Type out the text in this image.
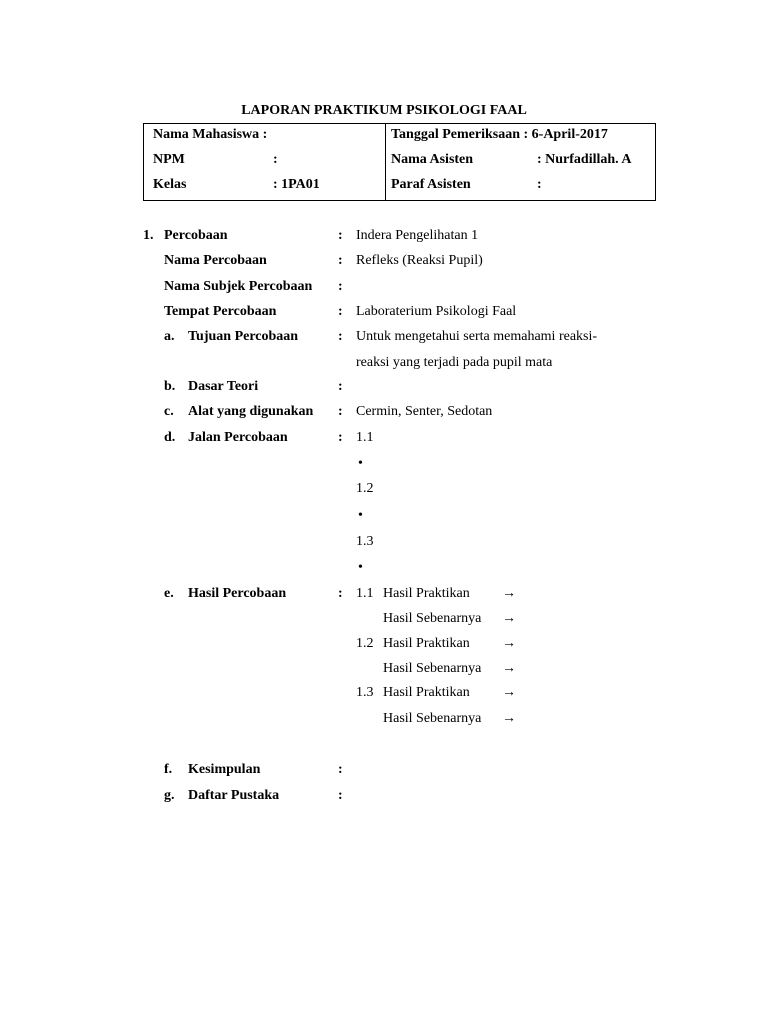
LAPORAN PRAKTIKUM PSIKOLOGI FAAL
Nama Mahasiswa :
NPM	:
Kelas	: 1PA01
Tanggal Pemeriksaan : 6-April-2017
Nama Asisten	: Nurfadillah. A
Paraf Asisten	:
1. Percobaan	: Indera Pengelihatan 1
Nama Percobaan	: Refleks (Reaksi Pupil)
Nama Subjek Percobaan :
Tempat Percobaan	: Laboraterium Psikologi Faal
a. Tujuan Percobaan	: Untuk mengetahui serta memahami reaksi-
reaksi yang terjadi pada pupil mata
b. Dasar Teori	:
c. Alat yang digunakan : Cermin, Senter, Sedotan
d. Jalan Percobaan	: 1.1
•
1.2
•
1.3
•
e. Hasil Percobaan	: 1.1 Hasil Praktikan →
Hasil Sebenarnya →
1.2 Hasil Praktikan →
Hasil Sebenarnya →
1.3 Hasil Praktikan →
Hasil Sebenarnya →
f. Kesimpulan	:
g. Daftar Pustaka	:
